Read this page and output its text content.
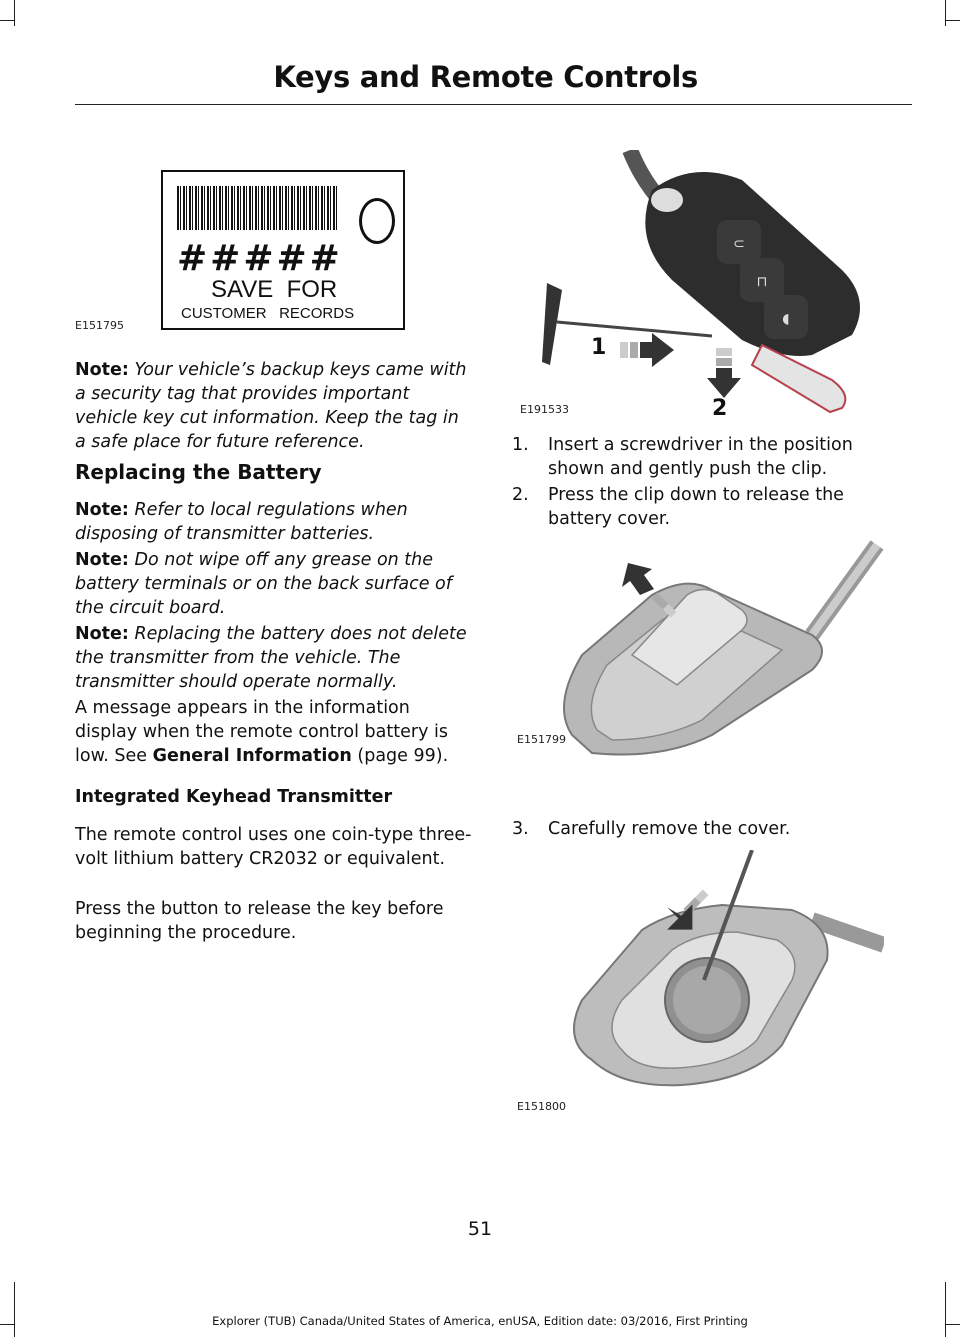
Keys and Remote Controls
#####
SAVE  FOR
CUSTOMER   RECORDS
E151795
Note: Your vehicle’s backup keys came with a security tag that provides important vehicle key cut information. Keep the tag in a safe place for future reference.
Replacing the Battery
Note: Refer to local regulations when disposing of transmitter batteries.
Note: Do not wipe off any grease on the battery terminals or on the back surface of the circuit board.
Note: Replacing the battery does not delete the transmitter from the vehicle. The transmitter should operate normally.
A message appears in the information display when the remote control battery is low. See General Information (page 99).
Integrated Keyhead Transmitter
The remote control uses one coin-type three-volt lithium battery CR2032 or equivalent.
Press the button to release the key before beginning the procedure.
⊂
⊓
◖
1
2
E191533
1. Insert a screwdriver in the position shown and gently push the clip.
2. Press the clip down to release the battery cover.
E151799
3. Carefully remove the cover.
E151800
51
Explorer (TUB) Canada/United States of America, enUSA, Edition date: 03/2016, First Printing
